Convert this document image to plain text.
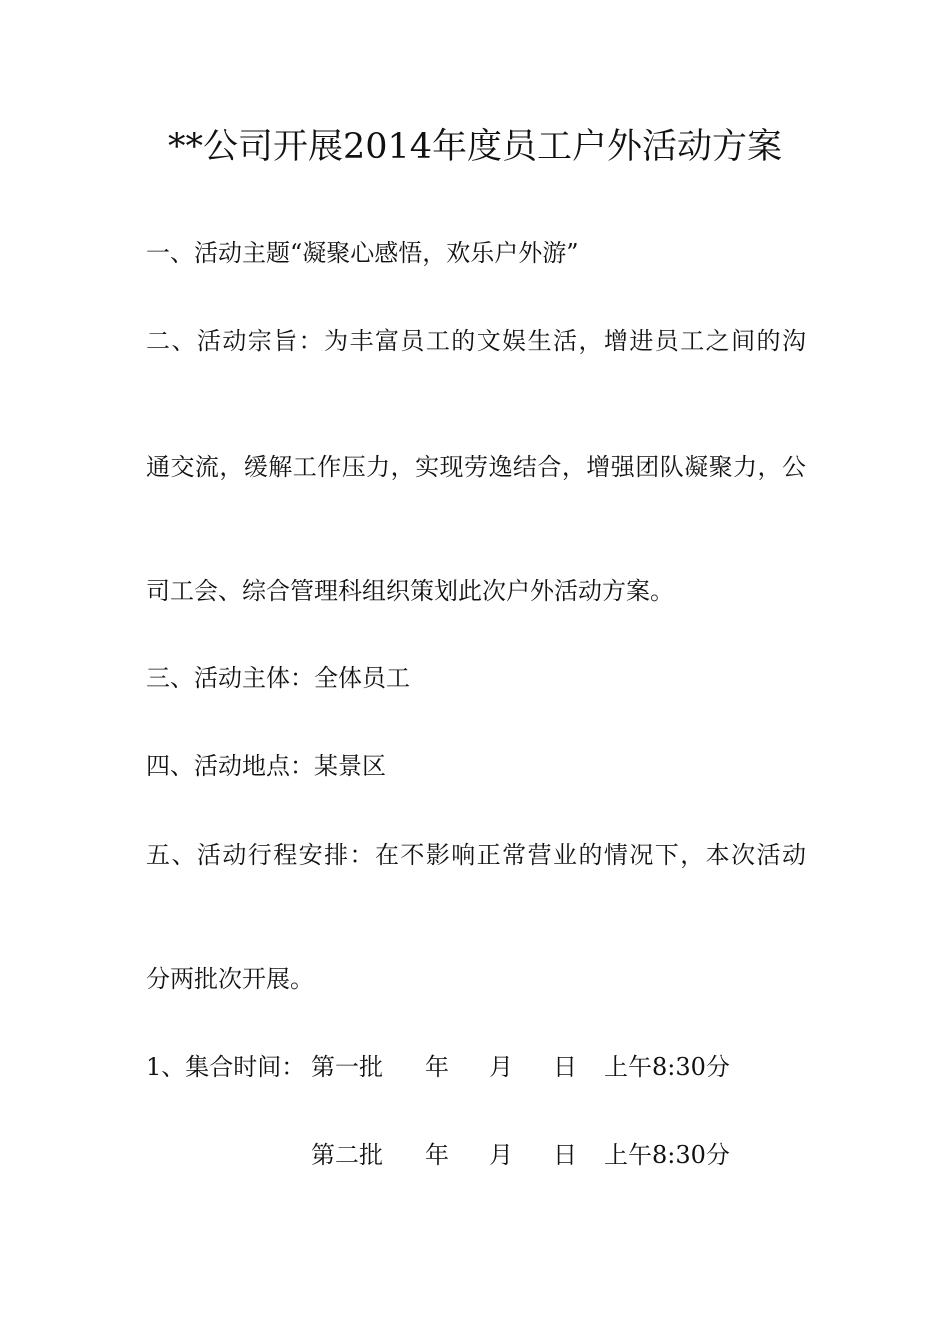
**公司开展2014年度员工户外活动方案
一、活动主题“凝聚心感悟，欢乐户外游”
二、活动宗旨：为丰富员工的文娱生活，增进员工之间的沟
通交流，缓解工作压力，实现劳逸结合，增强团队凝聚力，公
司工会、综合管理科组织策划此次户外活动方案。
三、活动主体：全体员工
四、活动地点：某景区
五、活动行程安排：在不影响正常营业的情况下，本次活动
分两批次开展。
1、集合时间： 第一批 年 月 日 上午8:30分
第二批 年 月 日 上午8:30分
